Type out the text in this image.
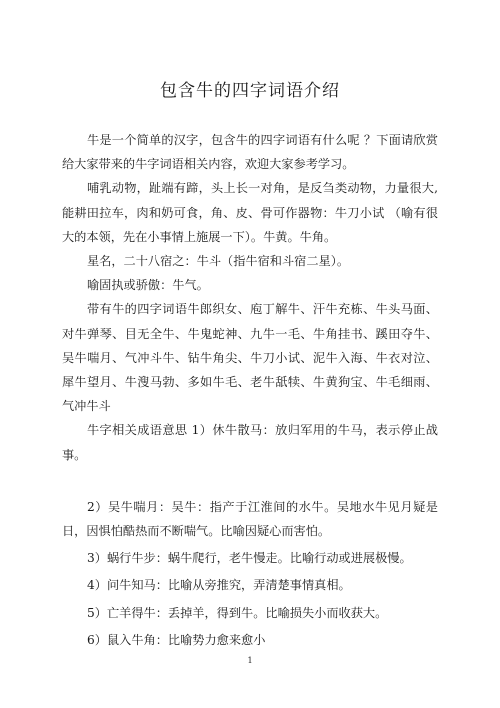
包含牛的四字词语介绍

牛是一个简单的汉字，包含牛的四字词语有什么呢 ？下面请欣赏给大家带来的牛字词语相关内容，欢迎大家参考学习。

哺乳动物，趾端有蹄，头上长一对角，是反刍类动物，力量很大,能耕田拉车，肉和奶可食，角、皮、骨可作器物：牛刀小试 （喻有很大的本领，先在小事情上施展一下）。牛黄。牛角。

星名，二十八宿之：牛斗（指牛宿和斗宿二星）。

喻固执或骄傲：牛气。

带有牛的四字词语牛郎织女、庖丁解牛、汗牛充栋、牛头马面、 对牛弹琴、目无全牛、牛鬼蛇神、九牛一毛、牛角挂书、蹊田夺牛、 吴牛喘月、气冲斗牛、钻牛角尖、牛刀小试、泥牛入海、牛衣对泣、 犀牛望月、牛溲马勃、多如牛毛、老牛舐犊、牛黄狗宝、牛毛细雨、 气冲牛斗

牛字相关成语意思 1）休牛散马：放归军用的牛马，表示停止战 事。

2）吴牛喘月：吴牛：指产于江淮间的水牛。吴地水牛见月疑是 日，因惧怕酷热而不断喘气。比喻因疑心而害怕。

3）蜗行牛步：蜗牛爬行，老牛慢走。比喻行动或进展极慢。

4）问牛知马：比喻从旁推究，弄清楚事情真相。

5）亡羊得牛：丢掉羊，得到牛。比喻损失小而收获大。

6）鼠入牛角：比喻势力愈来愈小

1
